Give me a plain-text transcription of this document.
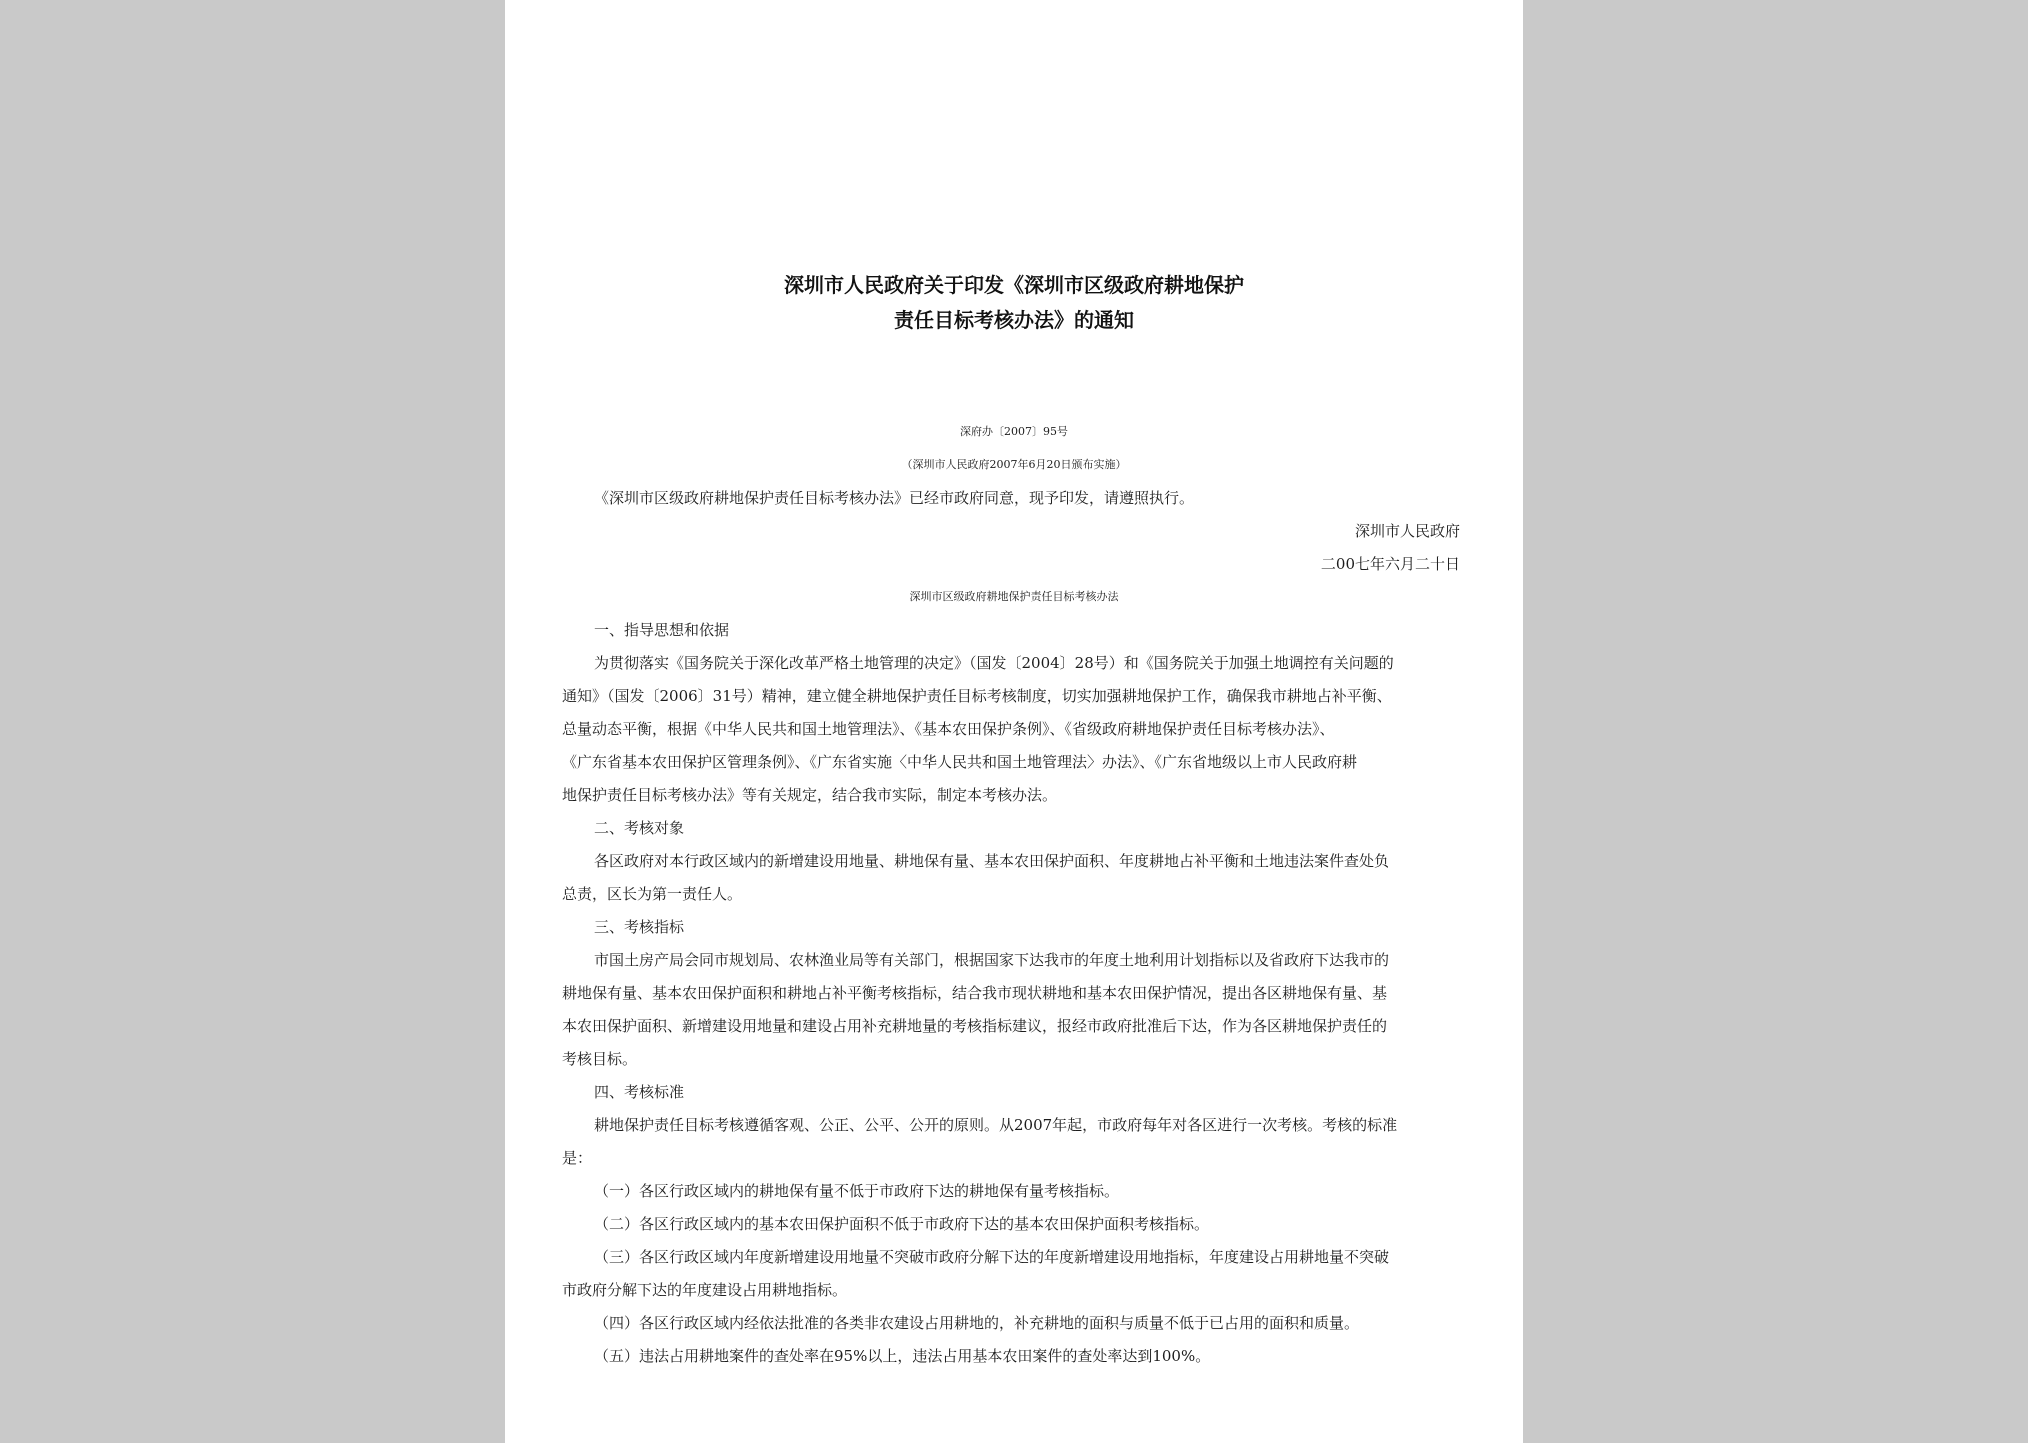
深圳市人民政府关于印发《深圳市区级政府耕地保护
责任目标考核办法》的通知
深府办〔2007〕95号
（深圳市人民政府2007年6月20日颁布实施）
《深圳市区级政府耕地保护责任目标考核办法》已经市政府同意，现予印发，请遵照执行。
深圳市人民政府
二00七年六月二十日
深圳市区级政府耕地保护责任目标考核办法
一、指导思想和依据
为贯彻落实《国务院关于深化改革严格土地管理的决定》（国发〔2004〕28号）和《国务院关于加强土地调控有关问题的
通知》（国发〔2006〕31号）精神，建立健全耕地保护责任目标考核制度，切实加强耕地保护工作，确保我市耕地占补平衡、
总量动态平衡，根据《中华人民共和国土地管理法》、《基本农田保护条例》、《省级政府耕地保护责任目标考核办法》、
《广东省基本农田保护区管理条例》、《广东省实施〈中华人民共和国土地管理法〉办法》、《广东省地级以上市人民政府耕
地保护责任目标考核办法》等有关规定，结合我市实际，制定本考核办法。
二、考核对象
各区政府对本行政区域内的新增建设用地量、耕地保有量、基本农田保护面积、年度耕地占补平衡和土地违法案件查处负
总责，区长为第一责任人。
三、考核指标
市国土房产局会同市规划局、农林渔业局等有关部门，根据国家下达我市的年度土地利用计划指标以及省政府下达我市的
耕地保有量、基本农田保护面积和耕地占补平衡考核指标，结合我市现状耕地和基本农田保护情况，提出各区耕地保有量、基
本农田保护面积、新增建设用地量和建设占用补充耕地量的考核指标建议，报经市政府批准后下达，作为各区耕地保护责任的
考核目标。
四、考核标准
耕地保护责任目标考核遵循客观、公正、公平、公开的原则。从2007年起，市政府每年对各区进行一次考核。考核的标准
是：
（一）各区行政区域内的耕地保有量不低于市政府下达的耕地保有量考核指标。
（二）各区行政区域内的基本农田保护面积不低于市政府下达的基本农田保护面积考核指标。
（三）各区行政区域内年度新增建设用地量不突破市政府分解下达的年度新增建设用地指标，年度建设占用耕地量不突破
市政府分解下达的年度建设占用耕地指标。
（四）各区行政区域内经依法批准的各类非农建设占用耕地的，补充耕地的面积与质量不低于已占用的面积和质量。
（五）违法占用耕地案件的查处率在95%以上，违法占用基本农田案件的查处率达到100%。
